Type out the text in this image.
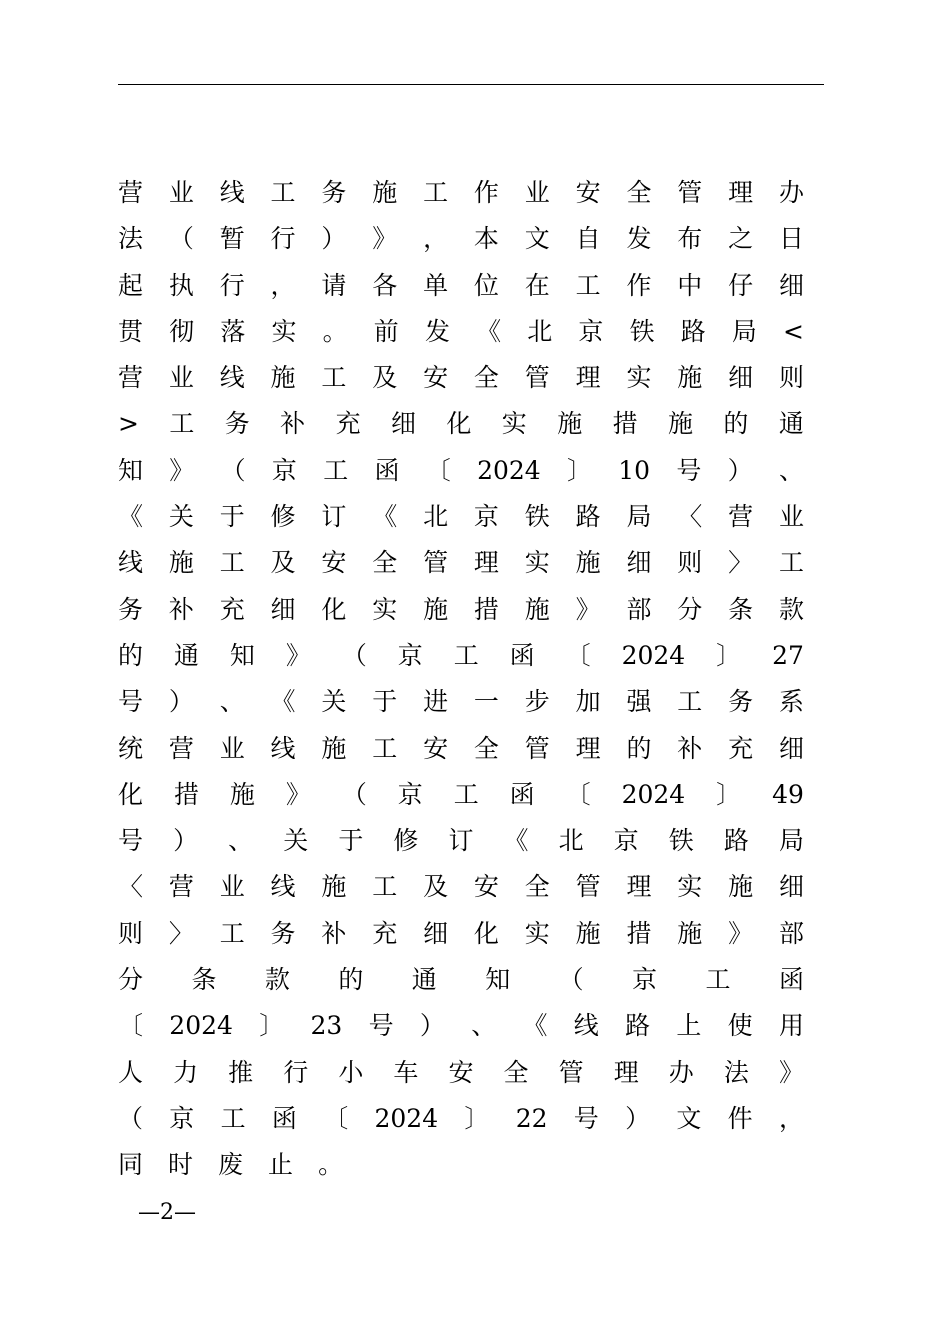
营 业 线 工 务 施 工 作 业 安 全 管 理 办
法 （ 暂 行 ） 》 ， 本 文 自 发 布 之 日
起 执 行 ， 请 各 单 位 在 工 作 中 仔 细
贯 彻 落 实 。 前 发 《 北 京 铁 路 局 <
营 业 线 施 工 及 安 全 管 理 实 施 细 则
> 工 务 补 充 细 化 实 施 措 施 的 通
知 》 （ 京 工 函 〔 2024 〕 10 号 ） 、
《 关 于 修 订 《 北 京 铁 路 局 〈 营 业
线 施 工 及 安 全 管 理 实 施 细 则 〉 工
务 补 充 细 化 实 施 措 施 》 部 分 条 款
的 通 知 》 （ 京 工 函 〔 2024 〕 27
号 ） 、 《 关 于 进 一 步 加 强 工 务 系
统 营 业 线 施 工 安 全 管 理 的 补 充 细
化 措 施 》 （ 京 工 函 〔 2024 〕 49
号 ） 、 关 于 修 订 《 北 京 铁 路 局
〈 营 业 线 施 工 及 安 全 管 理 实 施 细
则 〉 工 务 补 充 细 化 实 施 措 施 》 部
分 条 款 的 通 知 （ 京 工 函
〔 2024 〕 23 号 ） 、 《 线 路 上 使 用
人 力 推 行 小 车 安 全 管 理 办 法 》
（ 京 工 函 〔 2024 〕 22 号 ） 文 件 ，
同 时 废 止 。
—2—
